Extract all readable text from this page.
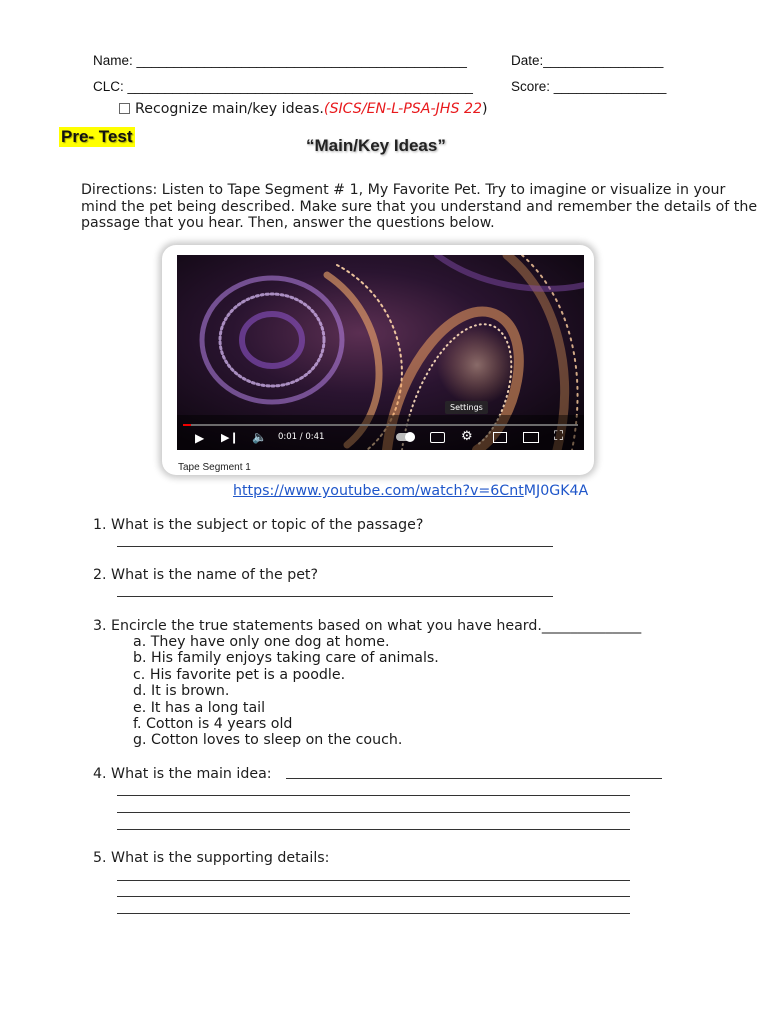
Name: ____________________________________________	Date:________________
CLC: ______________________________________________	Score: _______________
Recognize main/key ideas.(SICS/EN-L-PSA-JHS 22)
Pre- Test	“Main/Key Ideas”
Directions: Listen to Tape Segment # 1, My Favorite Pet. Try to imagine or visualize in your mind the pet being described. Make sure that you understand and remember the details of the passage that you hear. Then, answer the questions below.
▶ ▶❙ 🔈 0:01 / 0:41
Settings
⚙	⛶
Tape Segment 1
https://www.youtube.com/watch?v=6CntMJ0GK4A
1. What is the subject or topic of the passage?
2. What is the name of the pet?
3. Encircle the true statements based on what you have heard.______________
a. They have only one dog at home.
b. His family enjoys taking care of animals.
c. His favorite pet is a poodle.
d. It is brown.
e. It has a long tail
f. Cotton is 4 years old
g. Cotton loves to sleep on the couch.
4. What is the main idea:
5. What is the supporting details:
